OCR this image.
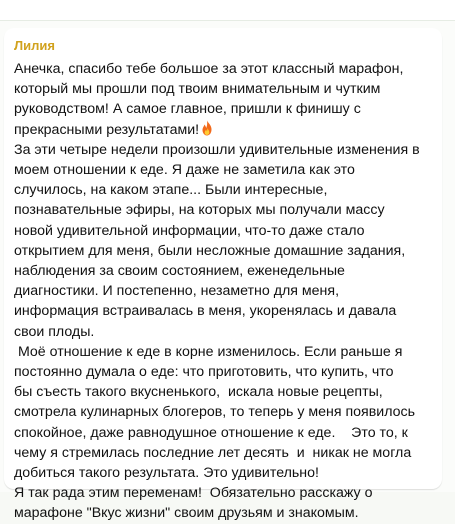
Лилия
Анечка, спасибо тебе большое за этот классный марафон,
который мы прошли под твоим внимательным и чутким
руководством! А самое главное, пришли к финишу с
прекрасными результатами!
За эти четыре недели произошли удивительные изменения в
моем отношении к еде. Я даже не заметила как это
случилось, на каком этапе... Были интересные,
познавательные эфиры, на которых мы получали массу
новой удивительной информации, что-то даже стало
открытием для меня, были несложные домашние задания,
наблюдения за своим состоянием, еженедельные
диагностики. И постепенно, незаметно для меня,
информация встраивалась в меня, укоренялась и давала
свои плоды.
Моё отношение к еде в корне изменилось. Если раньше я
постоянно думала о еде: что приготовить, что купить, что
бы съесть такого вкусненького,  искала новые рецепты,
смотрела кулинарных блогеров, то теперь у меня появилось
спокойное, даже равнодушное отношение к еде.    Это то, к
чему я стремилась последние лет десять  и  никак не могла
добиться такого результата. Это удивительно!
Я так рада этим переменам!  Обязательно расскажу о
марафоне "Вкус жизни" своим друзьям и знакомым.
